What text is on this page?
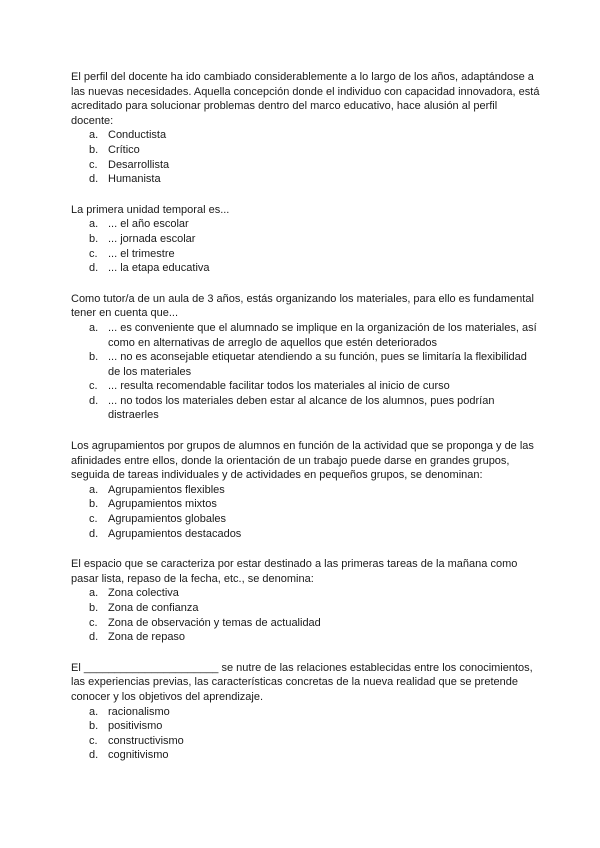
El perfil del docente ha ido cambiado considerablemente a lo largo de los años, adaptándose a las nuevas necesidades. Aquella concepción donde el individuo con capacidad innovadora, está acreditado para solucionar problemas dentro del marco educativo, hace alusión al perfil docente:

a. Conductista
b. Crítico
c. Desarrollista
d. Humanista

La primera unidad temporal es...

a. ... el año escolar
b. ... jornada escolar
c. ... el trimestre
d. ... la etapa educativa

Como tutor/a de un aula de 3 años, estás organizando los materiales, para ello es fundamental tener en cuenta que...

a. ... es conveniente que el alumnado se implique en la organización de los materiales, así como en alternativas de arreglo de aquellos que estén deteriorados
b. ... no es aconsejable etiquetar atendiendo a su función, pues se limitaría la flexibilidad de los materiales
c. ... resulta recomendable facilitar todos los materiales al inicio de curso
d. ... no todos los materiales deben estar al alcance de los alumnos, pues podrían distraerles

Los agrupamientos por grupos de alumnos en función de la actividad que se proponga y de las afinidades entre ellos, donde la orientación de un trabajo puede darse en grandes grupos, seguida de tareas individuales y de actividades en pequeños grupos, se denominan:

a. Agrupamientos flexibles
b. Agrupamientos mixtos
c. Agrupamientos globales
d. Agrupamientos destacados

El espacio que se caracteriza por estar destinado a las primeras tareas de la mañana como pasar lista, repaso de la fecha, etc., se denomina:

a. Zona colectiva
b. Zona de confianza
c. Zona de observación y temas de actualidad
d. Zona de repaso

El ______________________ se nutre de las relaciones establecidas entre los conocimientos, las experiencias previas, las características concretas de la nueva realidad que se pretende conocer y los objetivos del aprendizaje.

a. racionalismo
b. positivismo
c. constructivismo
d. cognitivismo
